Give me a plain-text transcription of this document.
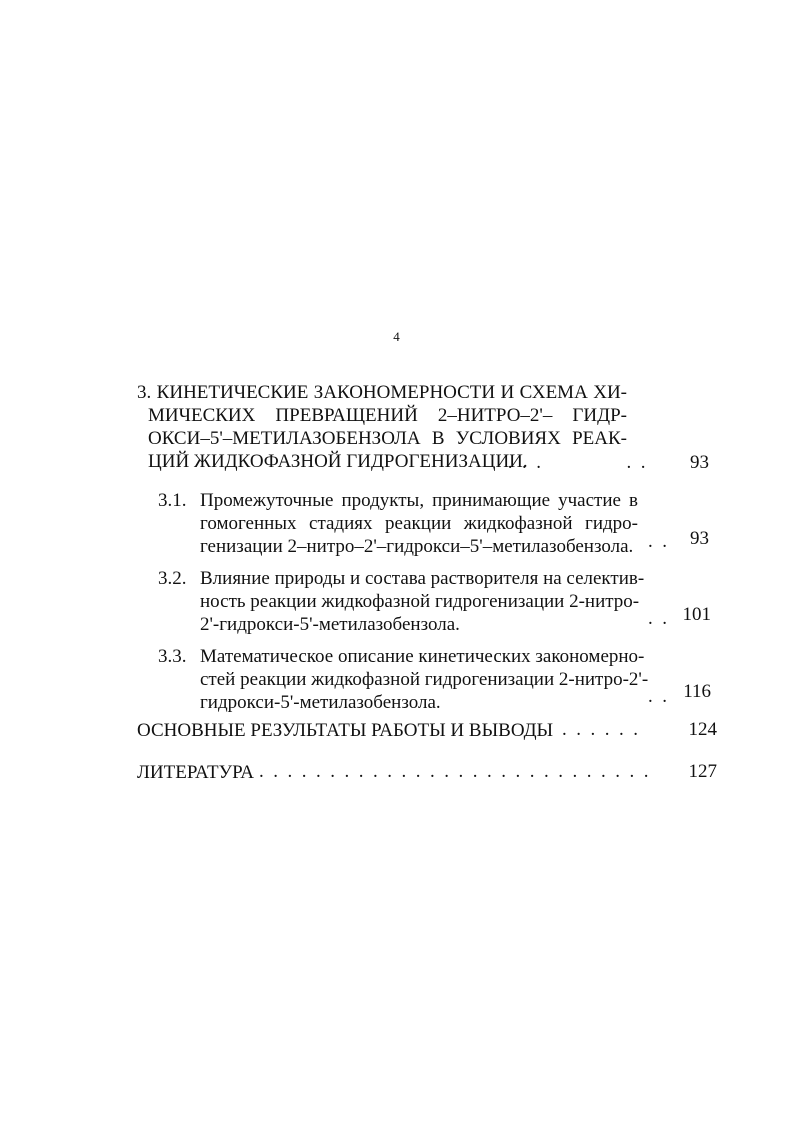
4
3. КИНЕТИЧЕСКИЕ ЗАКОНОМЕРНОСТИ И СХЕМА ХИ-
МИЧЕСКИХ ПРЕВРАЩЕНИЙ 2–НИТРО–2'– ГИДР-
ОКСИ–5'–МЕТИЛАЗОБЕНЗОЛА В УСЛОВИЯХ РЕАК-
ЦИЙ ЖИДКОФАЗНОЙ ГИДРОГЕНИЗАЦИИ.
.  .  .                  .  .	93
3.1. Промежуточные продукты, принимающие участие в
гомогенных стадиях реакции жидкофазной гидро-
генизации 2–нитро–2'–гидрокси–5'–метилазобензола. .  .	93
3.2. Влияние природы и состава растворителя на селектив-
ность реакции жидкофазной гидрогенизации 2-нитро-
2'-гидрокси-5'-метилазобензола.	.  . 101
3.3. Математическое описание кинетических закономерно-
стей реакции жидкофазной гидрогенизации 2-нитро-2'-
гидрокси-5'-метилазобензола.	.  . 116
ОСНОВНЫЕ РЕЗУЛЬТАТЫ РАБОТЫ И ВЫВОДЫ .  .  .  .  .  .	124
ЛИТЕРАТУРА .  .  .  .  .  .  .  .  .  .  .  .  .  .  .  .  .  .  .  .  .  .  .  .  .  .  .  .	127
